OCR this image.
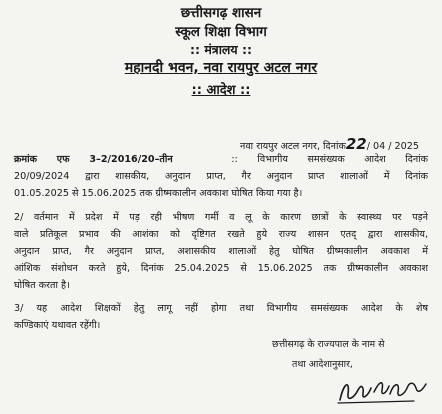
छत्तीसगढ़ शासन
स्कूल शिक्षा विभाग
:: मंत्रालय ::
महानदी भवन, नवा रायपुर अटल नगर
:: आदेश ::
नवा रायपुर अटल नगर, दिनांक22/ 04 / 2025
क्रमांक एफ 3–2/2016/20–तीन	:: विभागीय समसंख्यक आदेश दिनांक
20/09/2024 द्वारा शासकीय, अनुदान प्राप्त, गैर अनुदान प्राप्त शालाओं में दिनांक
01.05.2025 से 15.06.2025 तक ग्रीष्मकालीन अवकाश घोषित किया गया है।
2/ वर्तमान में प्रदेश में पड़ रही भीषण गर्मी व लू के कारण छात्रों के स्वास्थ्य पर पड़ने
वाले प्रतिकूल प्रभाव की आशंका को दृष्टिगत रखते हुये राज्य शासन एतद् द्वारा शासकीय,
अनुदान प्राप्त, गैर अनुदान प्राप्त, अशासकीय शालाओं हेतु घोषित ग्रीष्मकालीन अवकाश में
आंशिक संशोधन करते हुये, दिनांक 25.04.2025 से 15.06.2025 तक ग्रीष्मकालीन अवकाश
घोषित करता है।
3/ यह आदेश शिक्षकों हेतु लागू नहीं होगा तथा विभागीय समसंख्यक आदेश के शेष
कण्डिकाएं यथावत रहेंगी।
छत्तीसगढ़ के राज्यपाल के नाम से
तथा आदेशानुसार,
